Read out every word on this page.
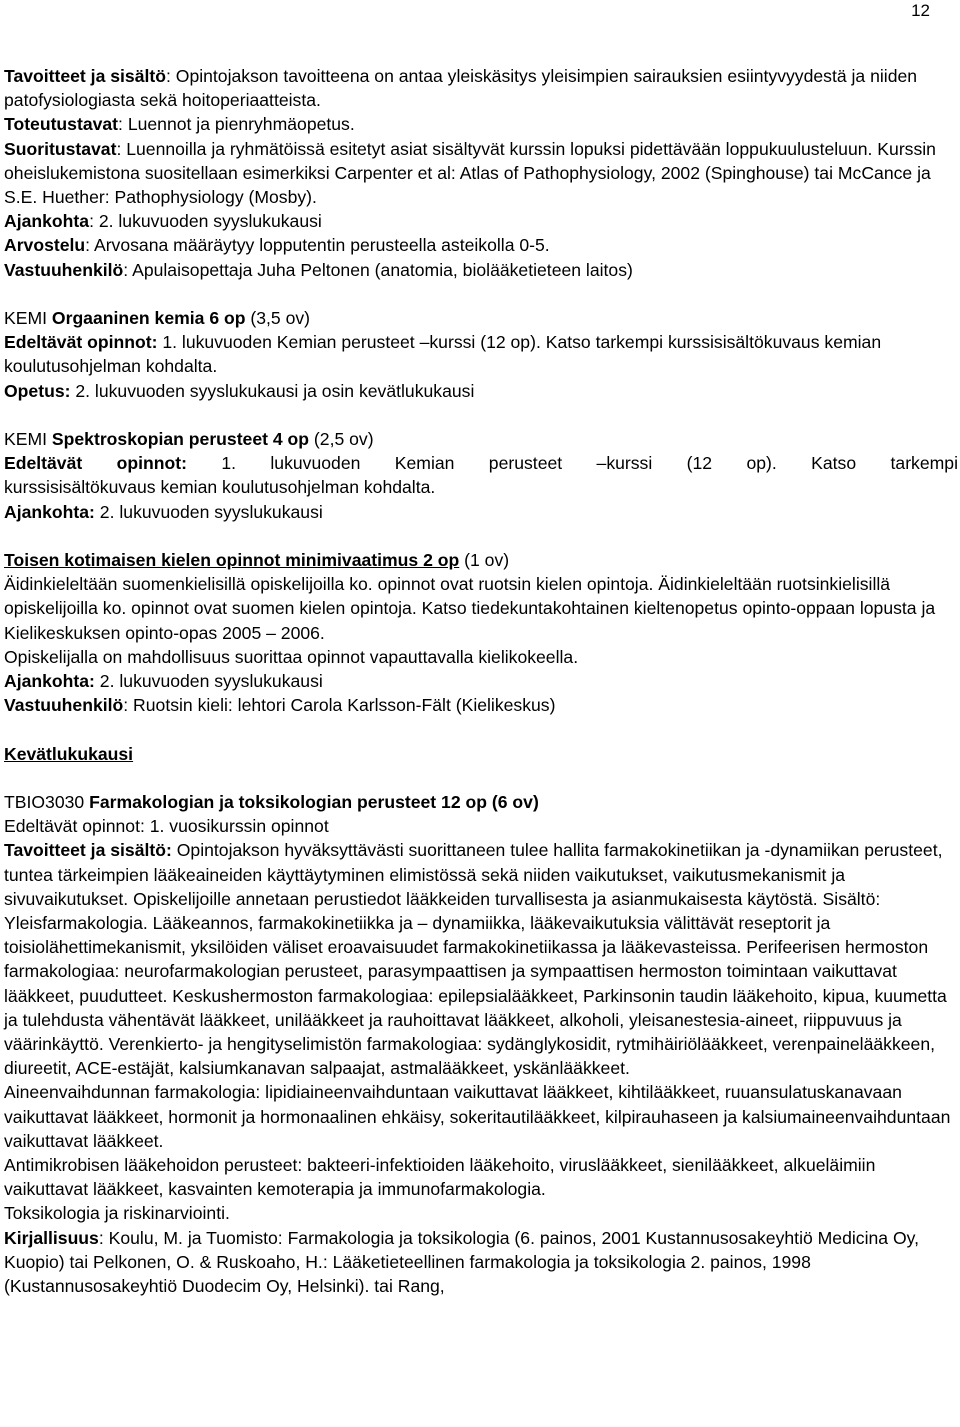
12

Tavoitteet ja sisältö: Opintojakson tavoitteena on antaa yleiskäsitys yleisimpien sairauksien esiintyvyydestä ja niiden patofysiologiasta sekä hoitoperiaatteista.

Toteutustavat: Luennot ja pienryhmäopetus.

Suoritustavat: Luennoilla ja ryhmätöissä esitetyt asiat sisältyvät kurssin lopuksi pidettävään loppukuulusteluun. Kurssin oheislukemistona suositellaan esimerkiksi Carpenter et al: Atlas of Pathophysiology, 2002 (Spinghouse) tai McCance ja S.E. Huether: Pathophysiology (Mosby).

Ajankohta: 2. lukuvuoden syyslukukausi

Arvostelu: Arvosana määräytyy lopputentin perusteella asteikolla 0-5.

Vastuuhenkilö: Apulaisopettaja Juha Peltonen (anatomia, biolääketieteen laitos)

KEMI Orgaaninen kemia 6 op (3,5 ov)

Edeltävät opinnot: 1. lukuvuoden Kemian perusteet –kurssi (12 op). Katso tarkempi kurssisisältökuvaus kemian koulutusohjelman kohdalta.

Opetus: 2. lukuvuoden syyslukukausi ja osin kevätlukukausi

KEMI Spektroskopian perusteet 4 op (2,5 ov)

Edeltävät opinnot: 1. lukuvuoden Kemian perusteet –kurssi (12 op). Katso tarkempi

kurssisisältökuvaus kemian koulutusohjelman kohdalta.

Ajankohta: 2. lukuvuoden syyslukukausi

Toisen kotimaisen kielen opinnot minimivaatimus 2 op (1 ov)

Äidinkieleltään suomenkielisillä opiskelijoilla ko. opinnot ovat ruotsin kielen opintoja. Äidinkieleltään ruotsinkielisillä opiskelijoilla ko. opinnot ovat suomen kielen opintoja. Katso tiedekuntakohtainen kieltenopetus opinto-oppaan lopusta ja Kielikeskuksen opinto-opas 2005 – 2006.

Opiskelijalla on mahdollisuus suorittaa opinnot vapauttavalla kielikokeella.

Ajankohta: 2. lukuvuoden syyslukukausi

Vastuuhenkilö: Ruotsin kieli: lehtori Carola Karlsson-Fält (Kielikeskus)

Kevätlukukausi

TBIO3030 Farmakologian ja toksikologian perusteet 12 op (6 ov)

Edeltävät opinnot: 1. vuosikurssin opinnot

Tavoitteet ja sisältö: Opintojakson hyväksyttävästi suorittaneen tulee hallita farmakokinetiikan ja -dynamiikan perusteet, tuntea tärkeimpien lääkeaineiden käyttäytyminen elimistössä sekä niiden vaikutukset, vaikutusmekanismit ja sivuvaikutukset. Opiskelijoille annetaan perustiedot lääkkeiden turvallisesta ja asianmukaisesta käytöstä. Sisältö: Yleisfarmakologia. Lääkeannos, farmakokinetiikka ja – dynamiikka, lääkevaikutuksia välittävät reseptorit ja toisiolähettimekanismit, yksilöiden väliset eroavaisuudet farmakokinetiikassa ja lääkevasteissa. Perifeerisen hermoston farmakologiaa: neurofarmakologian perusteet, parasympaattisen ja sympaattisen hermoston toimintaan vaikuttavat lääkkeet, puudutteet. Keskushermoston farmakologiaa: epilepsialääkkeet, Parkinsonin taudin lääkehoito, kipua, kuumetta ja tulehdusta vähentävät lääkkeet, unilääkkeet ja rauhoittavat lääkkeet, alkoholi, yleisanestesia-aineet, riippuvuus ja väärinkäyttö. Verenkierto- ja hengityselimistön farmakologiaa: sydänglykosidit, rytmihäiriölääkkeet, verenpainelääkkeen, diureetit, ACE-estäjät, kalsiumkanavan salpaajat, astmalääkkeet, yskänlääkkeet.

Aineenvaihdunnan farmakologia: lipidiaineenvaihduntaan vaikuttavat lääkkeet, kihtilääkkeet, ruuansulatuskanavaan vaikuttavat lääkkeet, hormonit ja hormonaalinen ehkäisy, sokeritautilääkkeet, kilpirauhaseen ja kalsiumaineenvaihduntaan vaikuttavat lääkkeet.

Antimikrobisen lääkehoidon perusteet: bakteeri-infektioiden lääkehoito, viruslääkkeet, sienilääkkeet, alkueläimiin vaikuttavat lääkkeet, kasvainten kemoterapia ja immunofarmakologia.

Toksikologia ja riskinarviointi.

Kirjallisuus: Koulu, M. ja Tuomisto: Farmakologia ja toksikologia (6. painos, 2001 Kustannusosakeyhtiö Medicina Oy, Kuopio) tai Pelkonen, O. & Ruskoaho, H.: Lääketieteellinen farmakologia ja toksikologia 2. painos, 1998 (Kustannusosakeyhtiö Duodecim Oy, Helsinki). tai Rang,
